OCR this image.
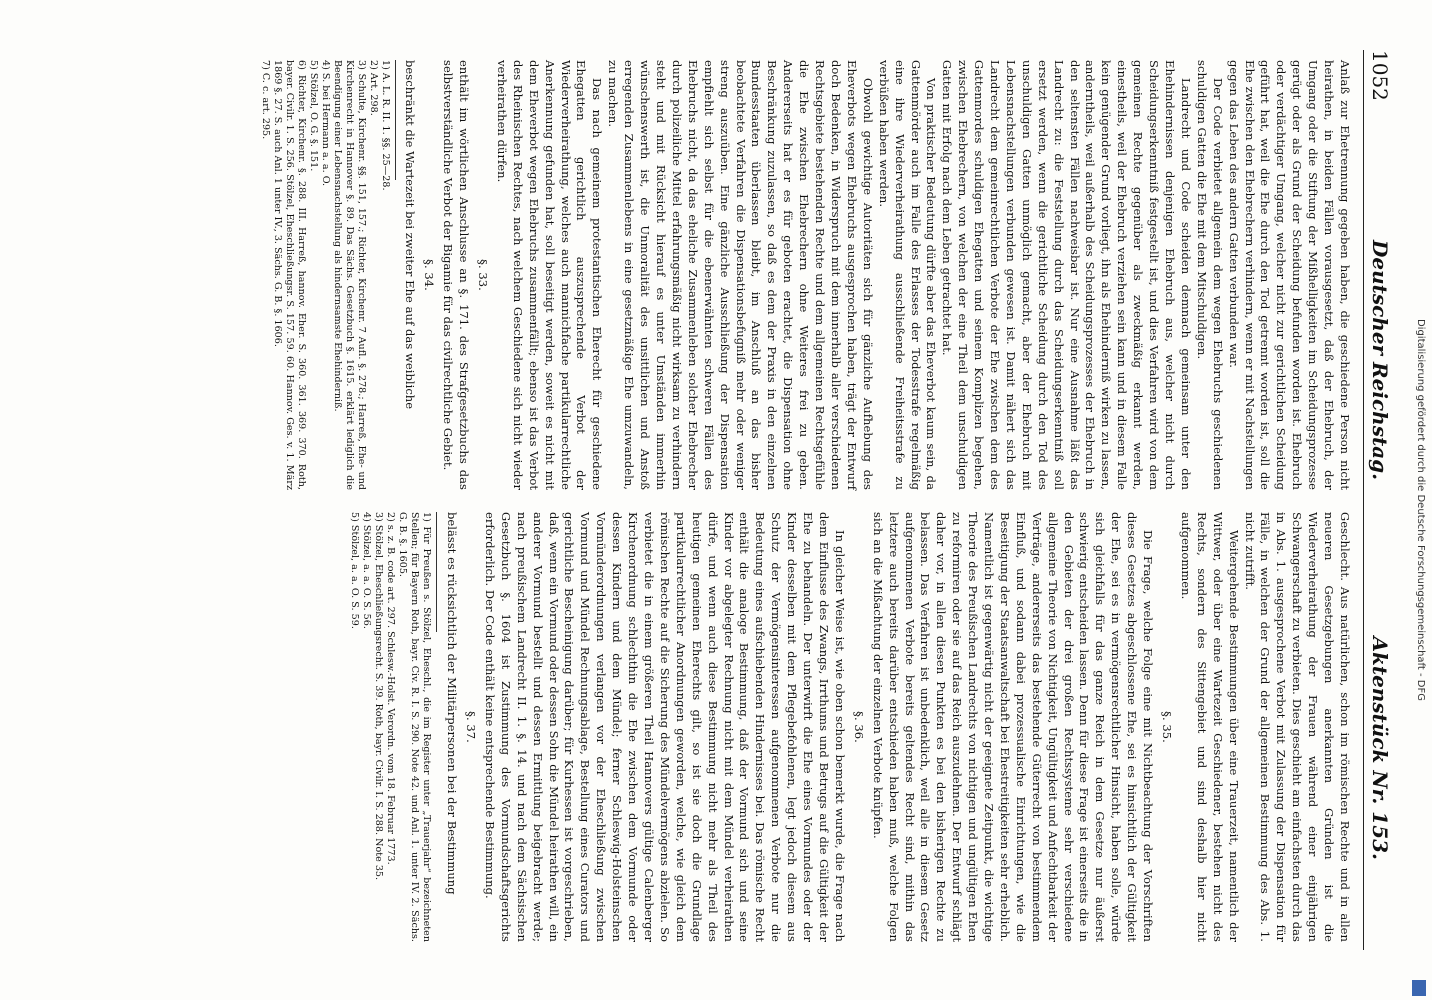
Digitalisierung gefördert durch die Deutsche Forschungsgemeinschaft - DFG
1052
Deutscher Reichstag.
Aktenstück Nr. 153.

Anlaß zur Ehetrennung gegeben haben, die geschiedene Person nicht heirathen, in beiden Fällen vorausgesetzt, daß der Ehebruch, der Umgang oder die Stiftung der Mißhelligkeiten im Scheidungsprozesse gerügt oder als Grund der Scheidung befunden worden ist. Ehebruch oder verdächtiger Umgang, welcher nicht zur gerichtlichen Scheidung geführt hat, weil die Ehe durch den Tod getrennt worden ist, soll die Ehe zwischen den Ehebrechern verhindern, wenn er mit Nachstellungen gegen das Leben des andern Gatten verbunden war.

Der Code verbietet allgemein dem wegen Ehebruchs geschiedenen schuldigen Gatten die Ehe mit dem Mitschuldigen.

Landrecht und Code scheiden demnach gemeinsam unter den Ehehindernissen denjenigen Ehebruch aus, welcher nicht durch Scheidungserkenntniß festgestellt ist, und dies Verfahren wird von dem gemeinen Rechte gegenüber als zweckmäßig erkannt werden, einestheils, weil der Ehebruch verziehen sein kann und in diesem Falle kein genügender Grund vorliegt, ihn als Ehehinderniß wirken zu lassen, anderntheils, weil außerhalb des Scheidungsprozesses der Ehebruch in den seltensten Fällen nachweisbar ist. Nur eine Ausnahme läßt das Landrecht zu: die Feststellung durch das Scheidungserkenntniß soll ersetzt werden, wenn die gerichtliche Scheidung durch den Tod des unschuldigen Gatten unmöglich gemacht, aber der Ehebruch mit Lebensnachstellungen verbunden gewesen ist. Damit nähert sich das Landrecht dem gemeinrechtlichen Verbote der Ehe zwischen dem des Gattenmordes schuldigen Ehegatten und seinem Komplizen begehen, zwischen Ehebrechern, von welchen der eine Theil dem unschuldigen Gatten mit Erfolg nach dem Leben getrachtet hat.

Von praktischer Bedeutung dürfte aber das Eheverbot kaum sein, da Gattenmörder auch im Falle des Erlasses der Todesstrafe regelmäßig eine ihre Wiederverheirathung ausschließende Freiheitsstrafe zu verbüßen haben werden.

Obwohl gewichtige Autoritäten sich für gänzliche Aufhebung des Eheverbots wegen Ehebruchs ausgesprochen haben, trägt der Entwurf doch Bedenken, in Widerspruch mit dem innerhalb aller verschiedenen Rechtsgebiete bestehenden Rechte und dem allgemeinen Rechtsgefühle die Ehe zwischen Ehebrechern ohne Weiteres frei zu geben. Andererseits hat er es für geboten erachtet, die Dispensation ohne Beschränkung zuzulassen, so daß es dem der Praxis in den einzelnen Bundesstaaten überlassen bleibt, im Anschluß an das bisher beobachtete Verfahren die Dispensationsbefugniß mehr oder weniger streng auszuüben. Eine gänzliche Ausschließung der Dispensation empfiehlt sich selbst für die ebenerwähnten schweren Fällen des Ehebruchs nicht, da das eheliche Zusammenleben solcher Ehebrecher durch polizeiliche Mittel erfahrungsmäßig nicht wirksam zu verhindern steht und mit Rücksicht hierauf es unter Umständen immerhin wünschenswerth ist, die Unmoralität des unsittlichen und Anstoß erregenden Zusammenlebens in eine gesetzmäßige Ehe umzuwandeln, zu machen.

Das nach gemeinem protestantischen Eherecht für geschiedene Ehegatten gerichtlich auszusprechende Verbot der Wiederverheirathung, welches auch mannichfache partikularrechtliche Anerkennung gefunden hat, soll beseitigt werden, soweit es nicht mit dem Eheverbot wegen Ehebruchs zusammenfällt; ebenso ist das Verbot des Rheinischen Rechtes, nach welchem Geschiedene sich nicht wieder verheirathen dürfen.

§. 33.

enthält im wörtlichen Anschlusse an §. 171. des Strafgesetzbuchs das selbstverständliche Verbot der Bigamie für das civilrechtliche Gebiet.

§. 34.

beschränkt die Wartezeit bei zweiter Ehe auf das weibliche

1) A. L. R. II. 1. §§. 25—28.

2) Art. 298.

3) Schulte, Kirchenr. §§. 151, 157.; Richter, Kirchenr. 7 Aufl. §. 278.; Harreß, Ehe- und Kirchenrecht in Hannover §. 89. Das Sächs. Gesetzbuch §. 1615. erklärt lediglich die Beendigung einer Lebensnachstellung als hindernsamste Ehehinderniß.

4) S. bei Hermann a. a. O.

5) Stölzel, O. G. §. 151.

6) Richter, Kirchenr. §. 288. III. Harreß, hannov. Eher. S. 360. 361. 369. 370. Roth, bayer. Civilr. 1. S. 256. Stölzel, Eheschließungsr. S. 157. 59. 60. Hannov. Ges. v. 1. März 1869 §. 27. S. auch Anl. 1 unter IV., 3. Sächs. G. B. §. 1606.

7) C. c. art. 295.

Geschlecht. Aus natürlichen, schon im römischen Rechte und in allen neueren Gesetzgebungen anerkannten Gründen ist die Wiederverheirathung der Frauen während einer einjährigen Schwangerschaft zu verbieten. Dies geschieht am einfachsten durch das in Abs. 1. ausgesprochene Verbot mit Zulassung der Dispensation für Fälle, in welchen der Grund der allgemeinen Bestimmung des Abs. 1. nicht zutrifft.

Weitergehende Bestimmungen über eine Trauerzeit, namentlich der Wittwer, oder über eine Wartezeit Geschiedener, bestehen nicht des Rechts, sondern des Sittengebiet und sind deshalb hier nicht aufgenommen.

§. 35.

Die Frage, welche Folge eine mit Nichtbeachtung der Vorschriften dieses Gesetzes abgeschlossene Ehe, sei es hinsichtlich der Gültigkeit der Ehe, sei es in vermögensrechtlicher Hinsicht, haben solle, würde sich gleichfalls für das ganze Reich in dem Gesetze nur äußerst schwierig entscheiden lassen. Denn für diese Frage ist einerseits die in den Gebieten der drei großen Rechtssysteme sehr verschiedene allgemeine Theorie von Nichtigkeit, Ungültigkeit und Anfechtbarkeit der Verträge, andererseits das bestehende Güterrecht von bestimmendem Einfluß, und sodann dabei prozessualische Einrichtungen, wie die Beseitigung der Staatsanwaltschaft bei Ehestreitigkeiten sehr erheblich. Namentlich ist gegenwärtig nicht der geeignete Zeitpunkt, die wichtige Theorie des Preußischen Landrechts von nichtigen und ungültigen Ehen zu reformiren oder sie auf das Reich auszudehnen. Der Entwurf schlägt daher vor, in allen diesen Punkten es bei den bisherigen Rechte zu belassen. Das Verfahren ist unbedenklich, weil alle in diesem Gesetz aufgenommenen Verbote bereits geltendes Recht sind, mithin das letztere auch bereits darüber entschieden haben muß, welche Folgen sich an die Mißachtung der einzelnen Verbote knüpfen.

§. 36.

In gleicher Weise ist, wie oben schon bemerkt wurde, die Frage nach dem Einflusse des Zwangs, Irrthums und Betrugs auf die Gültigkeit der Ehe zu behandeln. Der unterwirft die Ehe eines Vormundes oder der Kinder desselben mit dem Pflegebefohlenen, legt jedoch diesem aus Schutz der Vermögensinteressen aufgenommenen Verbote nur die Bedeutung eines aufschiebenden Hindernisses bei. Das römische Recht enthält die analoge Bestimmung, daß der Vormund sich und seine Kinder vor abgelegter Rechnung nicht mit dem Mündel verheirathen dürfe, und wenn auch diese Bestimmung nicht mehr als Theil des heutigen gemeinen Eherechts gilt, so ist sie doch die Grundlage partikularrechtlicher Anordnungen geworden, welche, wie gleich dem römischen Rechte auf die Sicherung des Mündelvermögens abzielen. So verbietet die in einem größeren Theil Hannovers gültige Calenberger Kirchenordnung schlechthin die Ehe zwischen dem Vormunde oder dessen Kindern und dem Mündel; ferner Schleswig-Holsteinschen Vormünderordnungen verlangen vor der Eheschließung zwischen Vormund und Mündel Rechnungsablage, Bestellung eines Curators und gerichtliche Bescheinigung darüber; für Kurhessen ist vorgeschrieben, daß, wenn ein Vormund oder dessen Sohn die Mündel heirathen will, ein anderer Vormund bestellt und dessen Ermittlung beigebracht werde; nach preußischem Landrecht II. 1. §. 14. und nach dem Sächsischen Gesetzbuch §. 1604 ist Zustimmung des Vormundschaftsgerichts erforderlich. Der Code enthält keine entsprechende Bestimmung.

§. 37.

belässt es rücksichtlich der Militärpersonen bei der Bestimmung

1) Für Preußen s. Stölzel, Eheschl., die im Register unter „Trauerjahr“ bezeichneten Stellen; für Bayern Roth, bayr. Civ. R. I. S. 290. Note 42. und Anl. 1. unter IV. 2. Sächs. G. B. §. 1605.

2) s. z. B. code art. 297. Schlesw.-Holst. Verordn. vom 18. Februar 1773.

3) Stölzel, Eheschließungsrecht. S. 39. Roth, bayr. Civilr. I. S. 288. Note 35.

4) Stölzel, a. a. O. S. 56.

5) Stölzel, a. a. O. S. 59.
